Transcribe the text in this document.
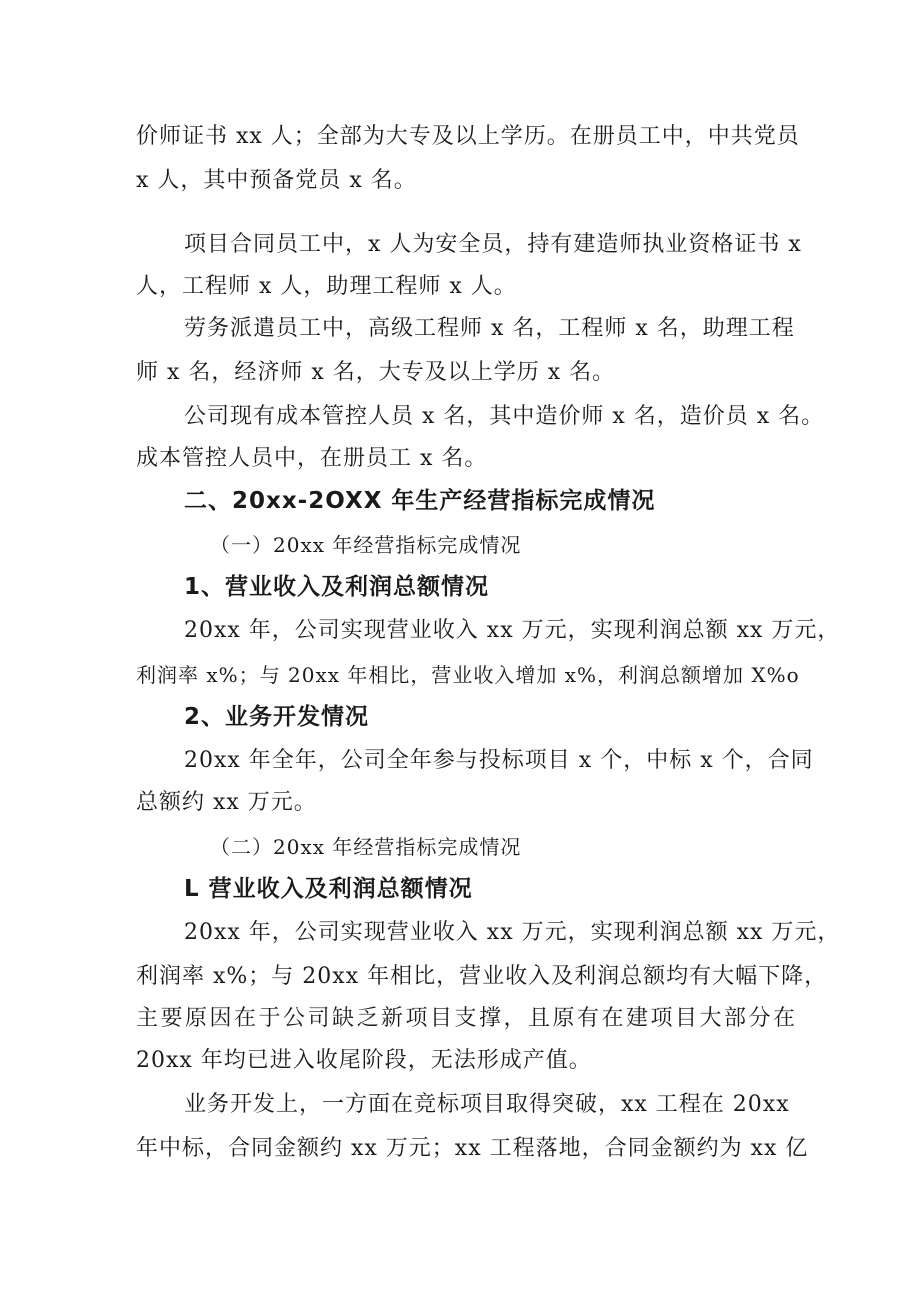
价师证书 xx 人；全部为大专及以上学历。在册员工中，中共党员
x 人，其中预备党员 x 名。
项目合同员工中，x 人为安全员，持有建造师执业资格证书 x
人，工程师 x 人，助理工程师 x 人。
劳务派遣员工中，高级工程师 x 名，工程师 x 名，助理工程
师 x 名，经济师 x 名，大专及以上学历 x 名。
公司现有成本管控人员 x 名，其中造价师 x 名，造价员 x 名。
成本管控人员中，在册员工 x 名。
二、20xx-2OXX 年生产经营指标完成情况
（一）20xx 年经营指标完成情况
1、营业收入及利润总额情况
20xx 年，公司实现营业收入 xx 万元，实现利润总额 xx 万元，
利润率 x%；与 20xx 年相比，营业收入增加 x%，利润总额增加 X%o
2、业务开发情况
20xx 年全年，公司全年参与投标项目 x 个，中标 x 个，合同
总额约 xx 万元。
（二）20xx 年经营指标完成情况
L 营业收入及利润总额情况
20xx 年，公司实现营业收入 xx 万元，实现利润总额 xx 万元，
利润率 x%；与 20xx 年相比，营业收入及利润总额均有大幅下降，
主要原因在于公司缺乏新项目支撑，且原有在建项目大部分在
20xx 年均已进入收尾阶段，无法形成产值。
业务开发上，一方面在竞标项目取得突破，xx 工程在 20xx
年中标，合同金额约 xx 万元；xx 工程落地，合同金额约为 xx 亿
